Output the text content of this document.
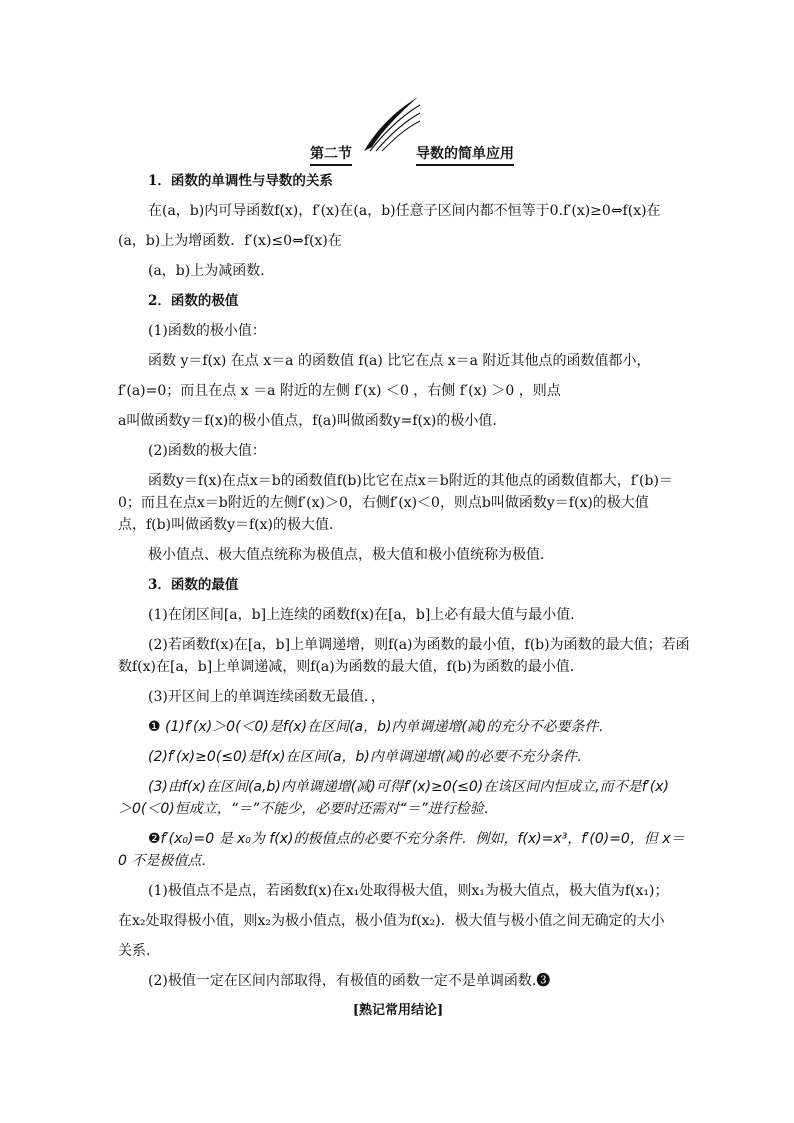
第二节	导数的简单应用
1．函数的单调性与导数的关系
在(a，b)内可导函数f(x)，f′(x)在(a，b)任意子区间内都不恒等于0.f′(x)≥0⇔f(x)在
(a，b)上为增函数．f′(x)≤0⇔f(x)在
(a，b)上为减函数．
2．函数的极值
(1)函数的极小值：
函数 y＝f(x) 在点 x＝a 的函数值 f(a) 比它在点 x＝a 附近其他点的函数值都小，
f′(a)=0；而且在点 x ＝a 附近的左侧 f′(x) ＜0 ，右侧 f′(x) ＞0 ，则点
a叫做函数y＝f(x)的极小值点，f(a)叫做函数y=f(x)的极小值．
(2)函数的极大值：
函数y＝f(x)在点x＝b的函数值f(b)比它在点x＝b附近的其他点的函数值都大，f′(b)＝
0；而且在点x＝b附近的左侧f′(x)＞0，右侧f′(x)＜0，则点b叫做函数y＝f(x)的极大值
点，f(b)叫做函数y＝f(x)的极大值．
极小值点、极大值点统称为极值点，极大值和极小值统称为极值．
3．函数的最值
(1)在闭区间[a，b]上连续的函数f(x)在[a，b]上必有最大值与最小值．
(2)若函数f(x)在[a，b]上单调递增，则f(a)为函数的最小值，f(b)为函数的最大值；若函
数f(x)在[a，b]上单调递减，则f(a)为函数的最大值，f(b)为函数的最小值．
(3)开区间上的单调连续函数无最值．，
❶ (1)f′(x)＞0(＜0)是f(x)在区间(a，b)内单调递增(减)的充分不必要条件．
(2)f′(x)≥0(≤0)是f(x)在区间(a，b)内单调递增(减)的必要不充分条件．
(3)由f(x)在区间(a,b)内单调递增(减)可得f′(x)≥0(≤0)在该区间内恒成立,而不是f′(x)
＞0(＜0)恒成立，“＝”不能少，必要时还需对“＝”进行检验．
❷f′(x₀)=0 是 x₀为 f(x)的极值点的必要不充分条件．例如，f(x)=x³，f′(0)=0，但 x＝
0 不是极值点．
(1)极值点不是点，若函数f(x)在x₁处取得极大值，则x₁为极大值点，极大值为f(x₁)；
在x₂处取得极小值，则x₂为极小值点，极小值为f(x₂)．极大值与极小值之间无确定的大小
关系．
(2)极值一定在区间内部取得，有极值的函数一定不是单调函数.❸
[熟记常用结论]
